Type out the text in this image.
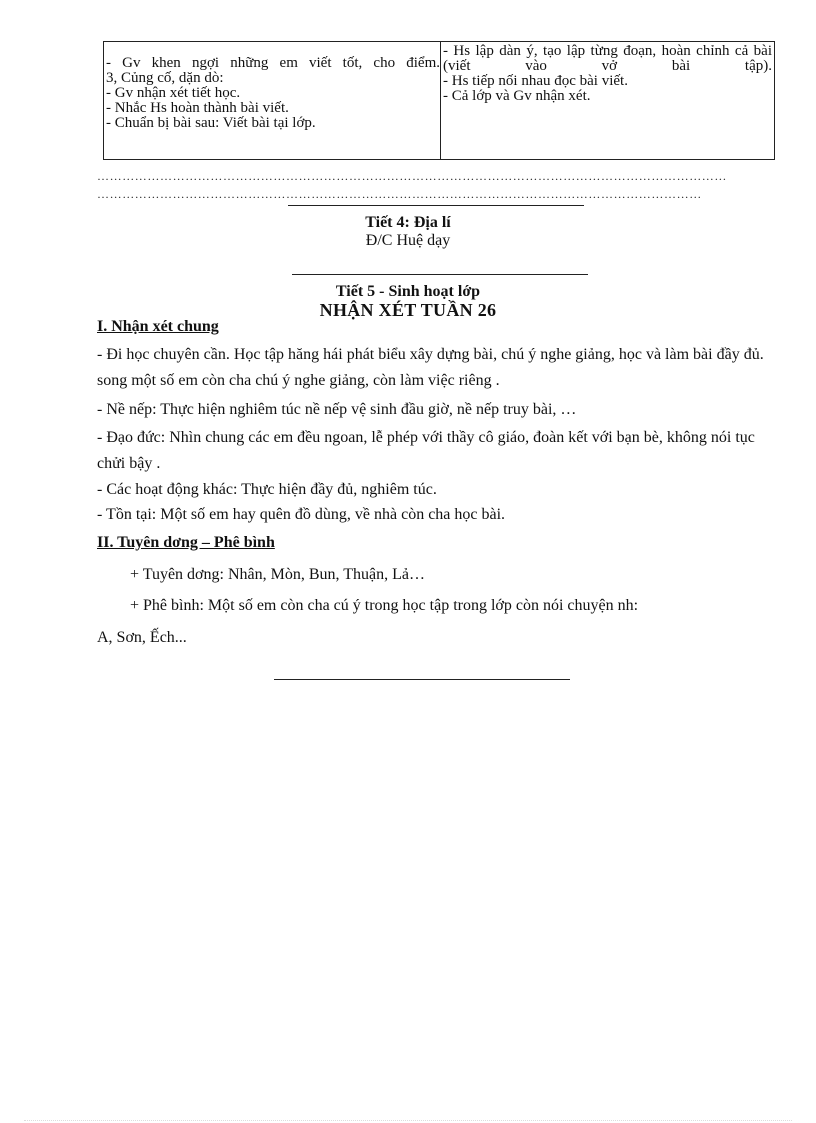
- Gv khen ngợi những em viết tốt, cho điểm.
3, Củng cố, dặn dò:
- Gv nhận xét tiết học.
- Nhắc Hs hoàn thành bài viết.
- Chuẩn bị bài sau: Viết bài tại lớp.
- Hs lập dàn ý, tạo lập từng đoạn, hoàn chỉnh cả bài (viết vào vở bài tập).
- Hs tiếp nối nhau đọc bài viết.
- Cả lớp và Gv nhận xét.
……………………………………………………………………………………………………………………………………
………………………………………………………………………………………………………………………………
Tiết 4: Địa lí
Đ/C Huệ dạy
Tiết 5 - Sinh hoạt lớp
NHẬN XÉT TUẦN 26
I. Nhận xét chung
- Đi học chuyên cần. Học tập hăng hái phát biểu xây dựng bài, chú ý nghe giảng, học và làm bài đầy đủ. song một số em còn cha chú ý nghe giảng, còn làm việc riêng .
- Nề nếp: Thực hiện nghiêm túc nề nếp vệ sinh đầu giờ, nề nếp truy bài, …
- Đạo đức: Nhìn chung các em đều ngoan, lễ phép với thầy cô giáo, đoàn kết với bạn bè, không nói tục chửi bậy .
- Các hoạt động khác: Thực hiện đầy đủ, nghiêm túc.
- Tồn tại: Một số em hay quên đồ dùng, về nhà còn cha học bài.
II. Tuyên dơng – Phê bình
+ Tuyên dơng: Nhân, Mòn, Bun, Thuận, Lả…
+ Phê bình: Một số em còn cha cú ý trong học tập trong lớp còn nói chuyện nh:
A, Sơn, Ếch...
